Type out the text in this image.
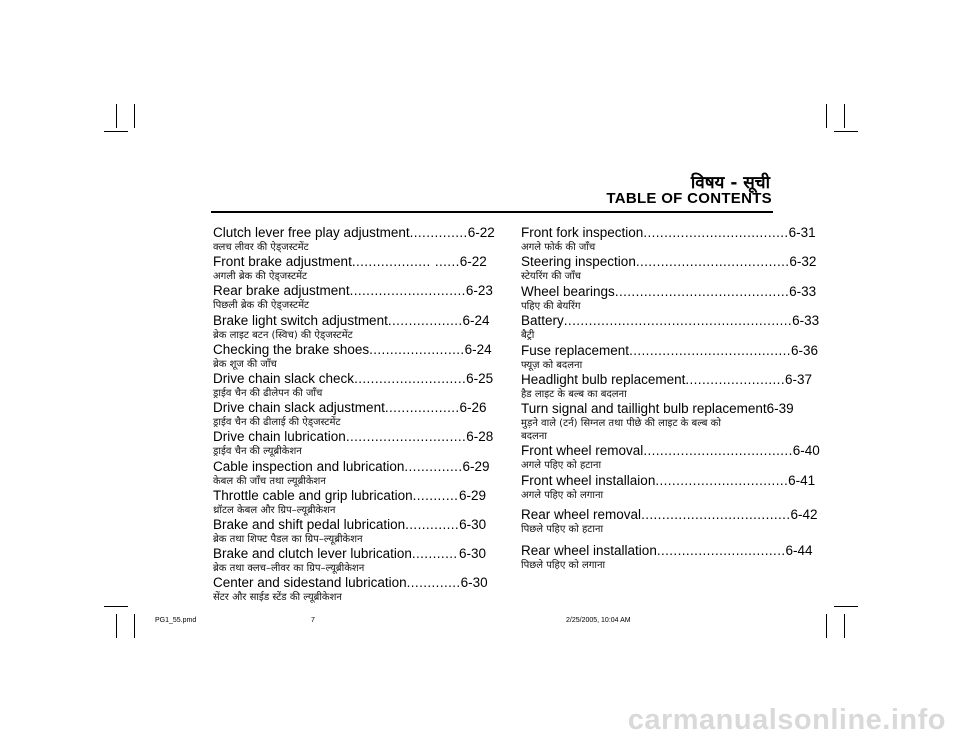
विषय - सूची
TABLE OF CONTENTS
Clutch lever free play adjustment .............. 6-22
क्लच लीवर की ऐड्जस्टमेंट
Front brake adjustment ................... ...... 6-22
अगली ब्रेक की ऐड्जस्टमेंट
Rear brake adjustment ............................ 6-23
पिछली ब्रेक की ऐड्जस्टमेंट
Brake light switch adjustment .................. 6-24
ब्रेक लाइट बटन (स्विच) की ऐड्जस्टमेंट
Checking the brake shoes ....................... 6-24
ब्रेक शूज की जाँच
Drive chain slack check ........................... 6-25
ड्राईव चैन की ढीलेपन की जाँच
Drive chain slack adjustment .................. 6-26
ड्राईव चैन की ढीलाई की ऐड्जस्टमेंट
Drive chain lubrication ............................. 6-28
ड्राईव चैन की ल्यूब्रीकेशन
Cable inspection and lubrication .............. 6-29
केबल की जाँच तथा ल्यूब्रीकेशन
Throttle cable and grip lubrication ........... 6-29
थ्रॉटल केबल और ग्रिप–ल्यूब्रीकेशन
Brake and shift pedal lubrication ............. 6-30
ब्रेक तथा शिफ्ट पैडल का ग्रिप–ल्यूब्रीकेशन
Brake and clutch lever lubrication ........... 6-30
ब्रेक तथा क्लच–लीवर का ग्रिप–ल्यूब्रीकेशन
Center and sidestand lubrication ............. 6-30
सेंटर और साईड स्टेंड की ल्यूब्रीकेशन
Front fork inspection ................................... 6-31
अगले फोर्क की जाँच
Steering inspection ..................................... 6-32
स्टेयरिंग की जाँच
Wheel bearings .......................................... 6-33
पहिए की बेयरिंग
Battery ....................................................... 6-33
बैट्री
Fuse replacement ....................................... 6-36
फ्यूज़ को बदलना
Headlight bulb replacement ........................ 6-37
हैड लाइट के बल्ब का बदलना
Turn signal and taillight bulb replacement 6-39
मुड़ने वाले (टर्न) सिग्नल तथा पीछे की लाइट के बल्ब को
बदलना
Front wheel removal .................................... 6-40
अगले पहिए को हटाना
Front wheel installaion ................................ 6-41
अगले पहिए को लगाना
Rear wheel removal .................................... 6-42
पिछले पहिए को हटाना
Rear wheel installation ............................... 6-44
पिछले पहिए को लगाना
PG1_55.pmd	7	2/25/2005, 10:04 AM
carmanualsonline.info
